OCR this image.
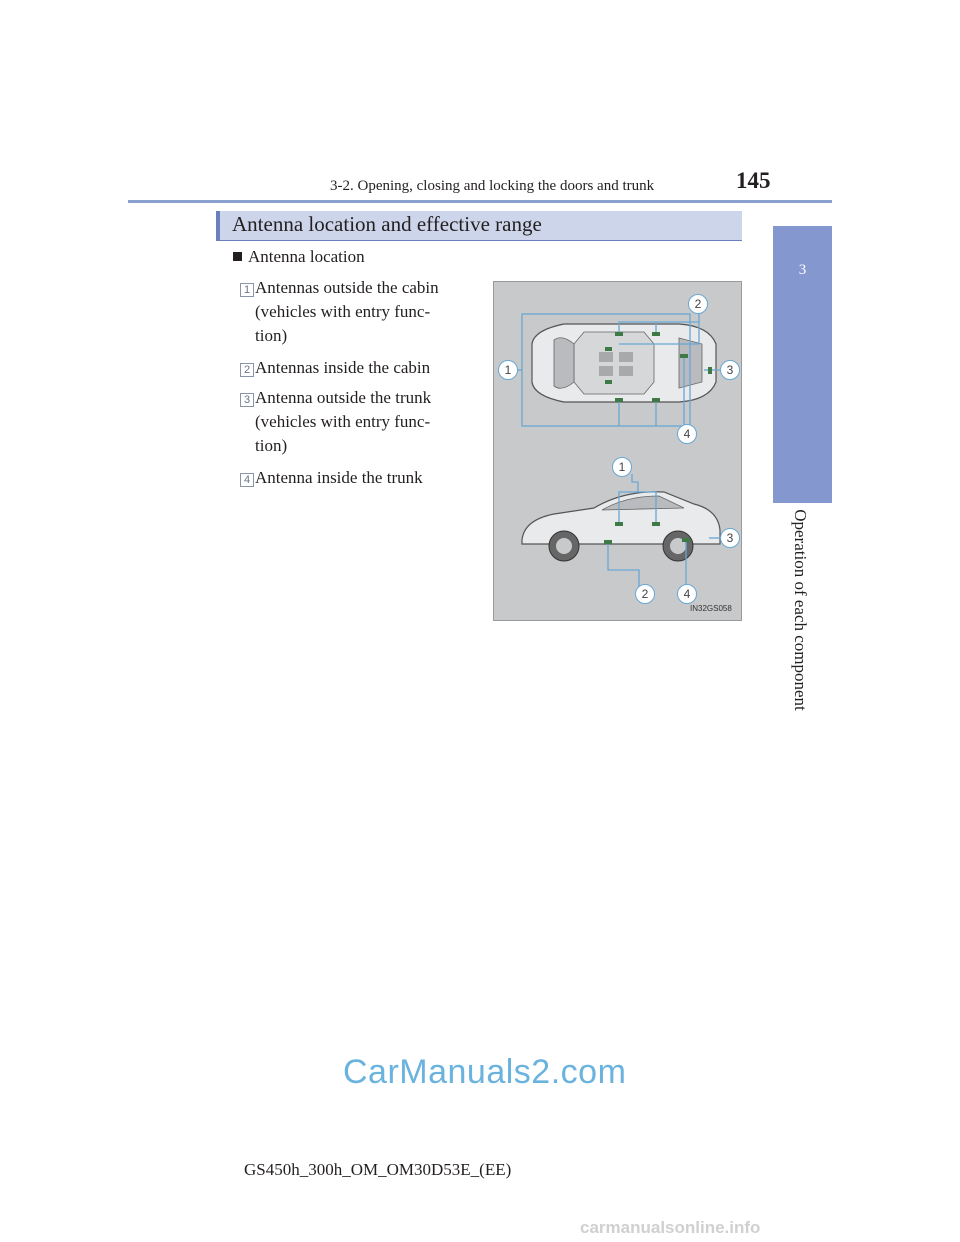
3-2. Opening, closing and locking the doors and trunk	145
3
Operation of each component
Antenna location and effective range
Antenna location
1 Antennas outside the cabin
(vehicles with entry func-
tion)
2 Antennas inside the cabin
3 Antenna outside the trunk
(vehicles with entry func-
tion)
4 Antenna inside the trunk
1
2
3
4
1
2
3
4
IN32GS058
CarManuals2.com
GS450h_300h_OM_OM30D53E_(EE)
carmanualsonline.info
